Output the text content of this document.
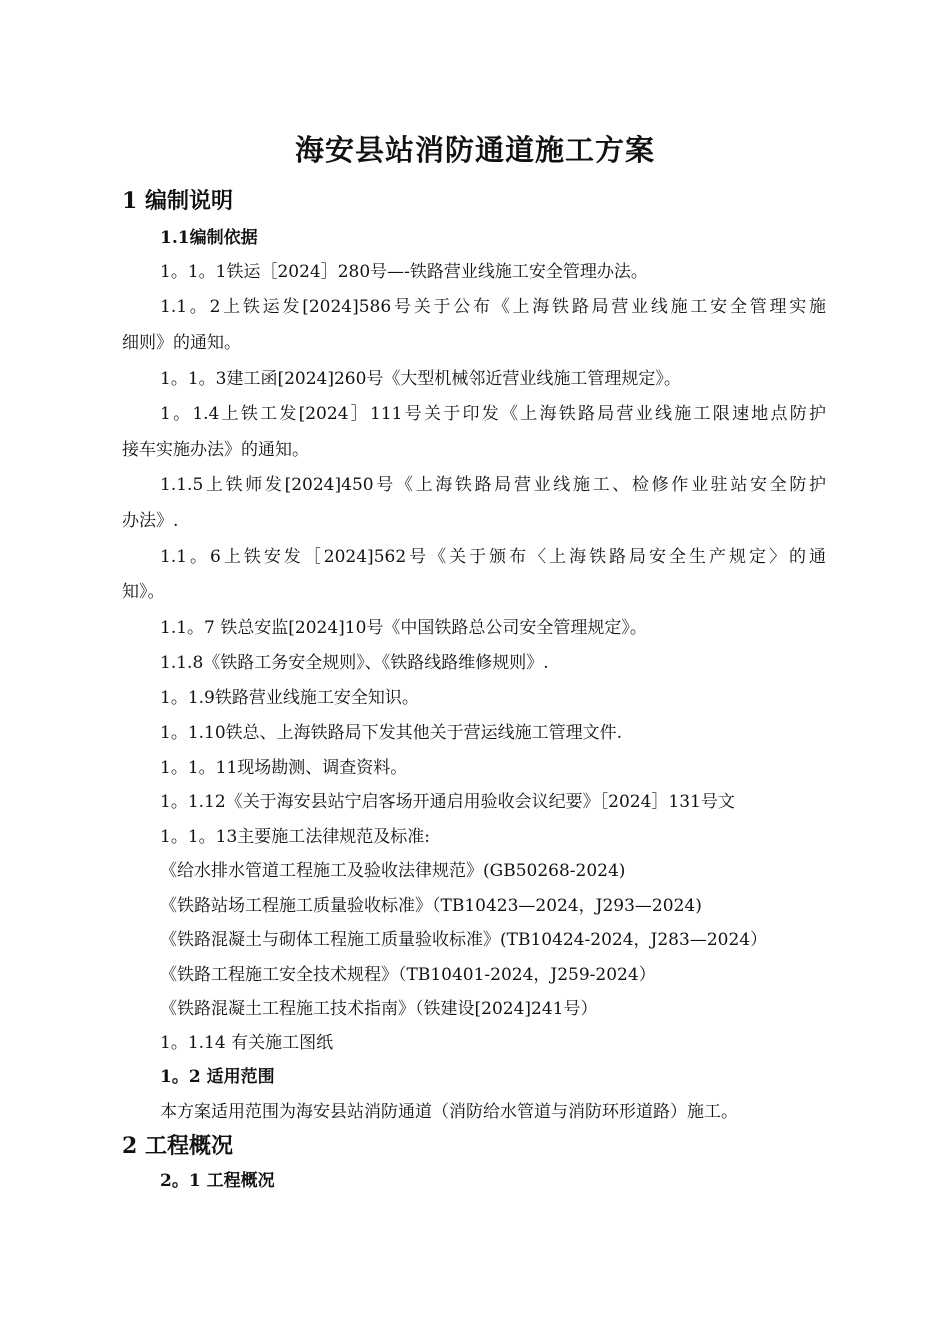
海安县站消防通道施工方案
1 编制说明
1.1编制依据

1。1。1铁运［2024］280号—-铁路营业线施工安全管理办法。

1.1。2上铁运发[2024]586号关于公布《上海铁路局营业线施工安全管理实施

细则》的通知。

1。1。3建工函[2024]260号《大型机械邻近营业线施工管理规定》。

1。1.4上铁工发[2024］111号关于印发《上海铁路局营业线施工限速地点防护

接车实施办法》的通知。

1.1.5上铁师发[2024]450号《上海铁路局营业线施工、检修作业驻站安全防护

办法》.

1.1。6上铁安发［2024]562号《关于颁布〈上海铁路局安全生产规定〉的通

知》。

1.1。7 铁总安监[2024]10号《中国铁路总公司安全管理规定》。

1.1.8《铁路工务安全规则》、《铁路线路维修规则》.

1。1.9铁路营业线施工安全知识。

1。1.10铁总、上海铁路局下发其他关于营运线施工管理文件.

1。1。11现场勘测、调查资料。

1。1.12《关于海安县站宁启客场开通启用验收会议纪要》［2024］131号文

1。1。13主要施工法律规范及标准:

《给水排水管道工程施工及验收法律规范》(GB50268-2024)

《铁路站场工程施工质量验收标准》（TB10423—2024，J293—2024)

《铁路混凝土与砌体工程施工质量验收标准》(TB10424-2024，J283—2024）

《铁路工程施工安全技术规程》（TB10401-2024，J259-2024）

《铁路混凝土工程施工技术指南》（铁建设[2024]241号）

1。1.14 有关施工图纸

1。2 适用范围

本方案适用范围为海安县站消防通道（消防给水管道与消防环形道路）施工。

2 工程概况
2。1 工程概况
